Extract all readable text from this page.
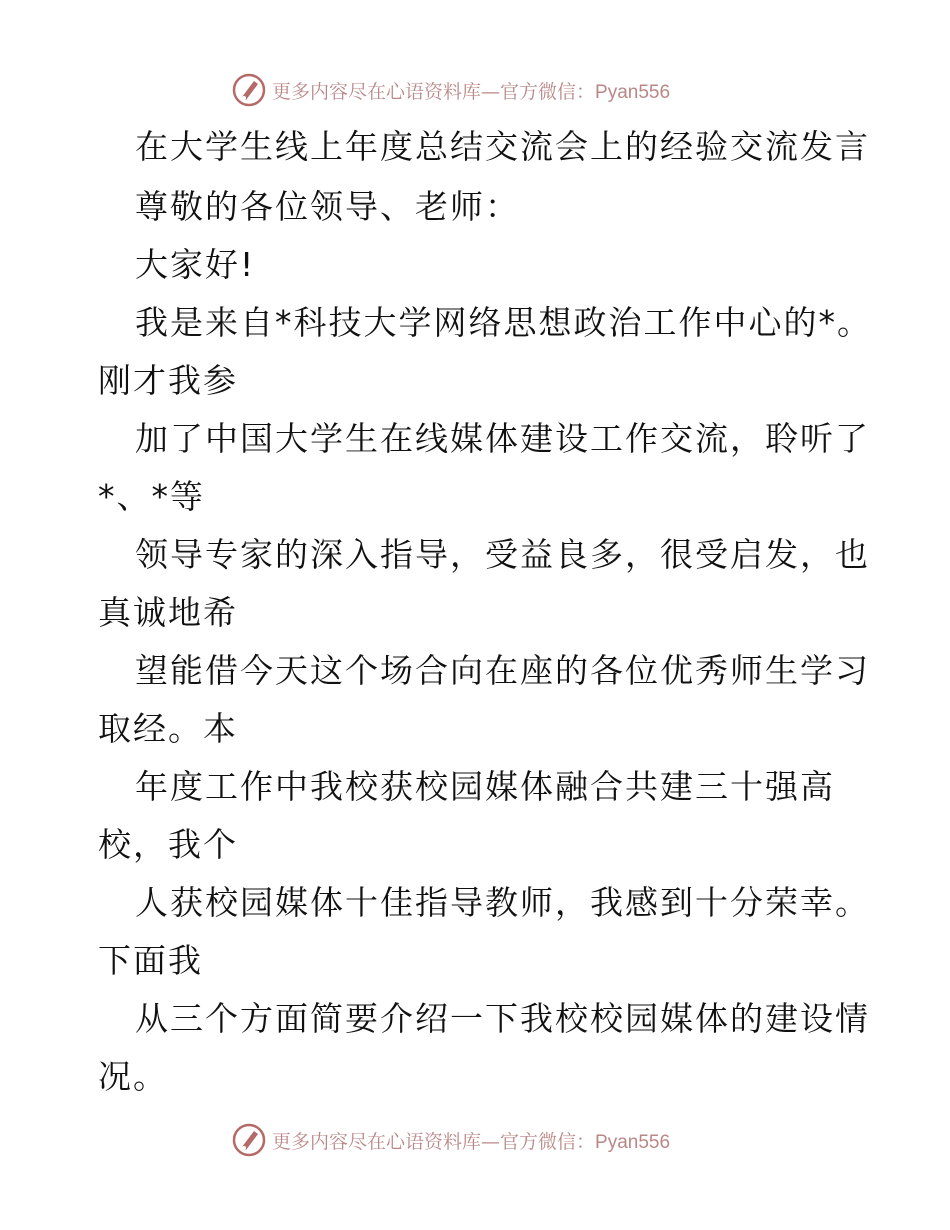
更多内容尽在心语资料库— 官方微信：Pyan556
在大学生线上年度总结交流会上的经验交流发言
尊敬的各位领导、老师：
大家好!
我是来自*科技大学网络思想政治工作中心的*。
刚才我参
加了中国大学生在线媒体建设工作交流，聆听了
*、*等
领导专家的深入指导，受益良多，很受启发，也
真诚地希
望能借今天这个场合向在座的各位优秀师生学习
取经。本
年度工作中我校获校园媒体融合共建三十强高
校，我个
人获校园媒体十佳指导教师，我感到十分荣幸。
下面我
从三个方面简要介绍一下我校校园媒体的建设情
况。
更多内容尽在心语资料库— 官方微信：Pyan556
